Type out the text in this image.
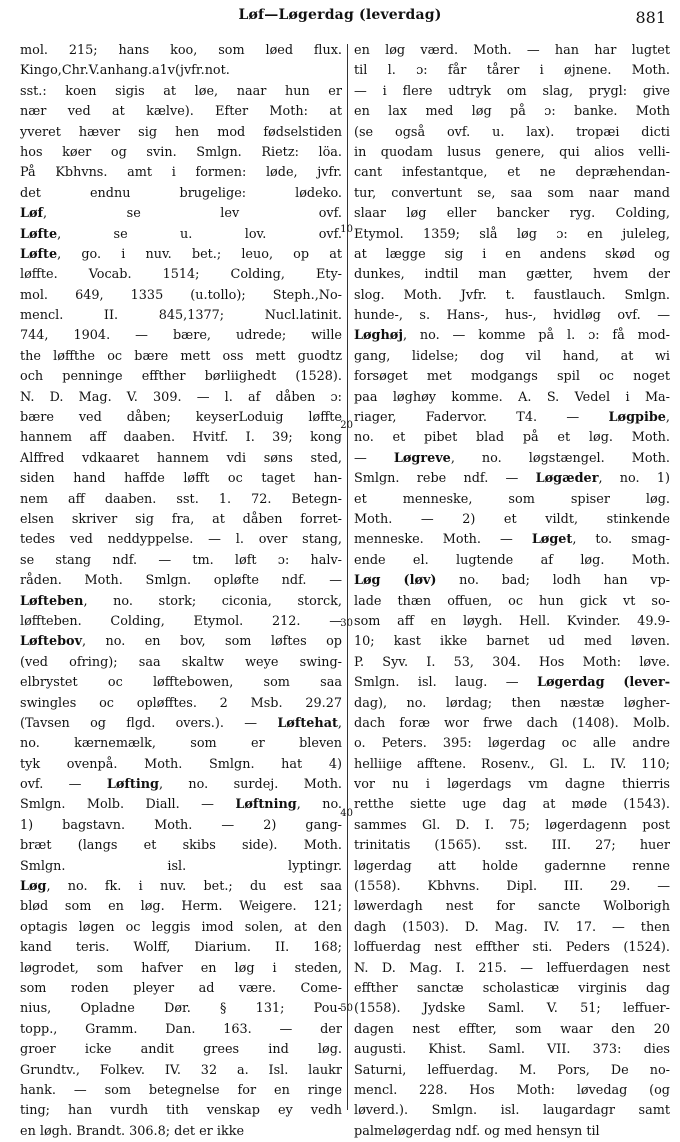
Løf—Løgerdag (leverdag)	881
mol. 215; hans koo, som løed flux.
Kingo,Chr.V.anhang.a1v(jvfr.not.
sst.: koen sigis at løe, naar hun er
nær ved at kælve). Efter Moth: at
yveret hæver sig hen mod fødselstiden
hos køer og svin. Smlgn. Rietz: löa.
På Kbhvns. amt i formen: løde, jvfr.
det endnu brugelige: lødeko.
Løf, se lev ovf.
Løfte, se u. lov. ovf.
Løfte, go. i nuv. bet.; leuo, op at
løffte. Vocab. 1514; Colding, Ety-
mol. 649, 1335 (u.tollo); Steph.,No-
mencl. II. 845,1377; Nucl.latinit.
744, 1904. — bære, udrede; wille
the løffthe oc bære mett oss mett guodtz
och penninge effther børliighedt (1528).
N. D. Mag. V. 309. — l. af dåben ɔ:
bære ved dåben; keyserLoduig løffte
hannem aff daaben. Hvitf. I. 39; kong
Alffred vdkaaret hannem vdi søns sted,
siden hand haffde løfft oc taget han-
nem aff daaben. sst. 1. 72. Betegn-
elsen skriver sig fra, at dåben forret-
tedes ved neddyppelse. — l. over stang,
se stang ndf. — tm. løft ɔ: halv-
råden. Moth. Smlgn. opløfte ndf. —
Løfteben, no. stork; ciconia, storck,
løffteben. Colding, Etymol. 212. —
Løftebov, no. en bov, som løftes op
(ved ofring); saa skaltw weye swing-
elbrystet oc løfftebowen, som saa
swingles oc opløfftes. 2 Msb. 29.27
(Tavsen og flgd. overs.). — Løftehat,
no. kærnemælk, som er bleven
tyk ovenpå. Moth. Smlgn. hat 4)
ovf. — Løfting, no. surdej. Moth.
Smlgn. Molb. Diall. — Løftning, no.
1) bagstavn. Moth. — 2) gang-
bræt (langs et skibs side). Moth.
Smlgn. isl. lyptingr.
Løg, no. fk. i nuv. bet.; du est saa
blød som en løg. Herm. Weigere. 121;
optagis løgen oc leggis imod solen, at den
kand teris. Wolff, Diarium. II. 168;
løgrodet, som hafver en løg i steden,
som roden pleyer ad være. Come-
nius, Opladne Dør. § 131; Pou-
topp., Gramm. Dan. 163. — der
groer icke andit grees ind løg.
Grundtv., Folkev. IV. 32 a. Isl. laukr
hank. — som betegnelse for en ringe
ting; han vurdh tith venskap ey vedh
en løgh. Brandt. 306.8; det er ikke
en løg værd. Moth. — han har lugtet
til l. ɔ: får tårer i øjnene. Moth.
— i flere udtryk om slag, prygl: give
en lax med løg på ɔ: banke. Moth
(se også ovf. u. lax). tropæi dicti
in quodam lusus genere, qui alios velli-
cant infestantque, et ne depræhendan-
tur, convertunt se, saa som naar mand
slaar løg eller bancker ryg. Colding,
Etymol. 1359; slå løg ɔ: en juleleg,
at lægge sig i en andens skød og
dunkes, indtil man gætter, hvem der
slog. Moth. Jvfr. t. faustlauch. Smlgn.
hunde-, s. Hans-, hus-, hvidløg ovf. —
Løghøj, no. — komme på l. ɔ: få mod-
gang, lidelse; dog vil hand, at wi
forsøget met modgangs spil oc noget
paa løghøy komme. A. S. Vedel i Ma-
riager, Fadervor. T4. — Løgpibe,
no. et pibet blad på et løg. Moth.
— Løgreve, no. løgstængel. Moth.
Smlgn. rebe ndf. — Løgæder, no. 1)
et menneske, som spiser løg.
Moth. — 2) et vildt, stinkende
menneske. Moth. — Løget, to. smag-
ende el. lugtende af løg. Moth.
Løg (løv) no. bad; lodh han vp-
lade thæn offuen, oc hun gick vt so-
som aff en løygh. Hell. Kvinder. 49.9-
10; kast ikke barnet ud med løven.
P. Syv. I. 53, 304. Hos Moth: løve.
Smlgn. isl. laug. — Løgerdag (lever-
dag), no. lørdag; then næstæ løgher-
dach foræ wor frwe dach (1408). Molb.
o. Peters. 395: løgerdag oc alle andre
helliige afftene. Rosenv., Gl. L. IV. 110;
vor nu i løgerdags vm dagne thierris
retthe siette uge dag at møde (1543).
sammes Gl. D. I. 75; løgerdagenn post
trinitatis (1565). sst. III. 27; huer
løgerdag att holde gadernne renne
(1558). Kbhvns. Dipl. III. 29. —
løwerdagh nest for sancte Wolborigh
dagh (1503). D. Mag. IV. 17. — then
loffuerdag nest effther sti. Peders (1524).
N. D. Mag. I. 215. — leffuerdagen nest
effther sanctæ scholasticæ virginis dag
(1558). Jydske Saml. V. 51; leffuer-
dagen nest effter, som waar den 20
augusti. Khist. Saml. VII. 373: dies
Saturni, leffuerdag. M. Pors, De no-
mencl. 228. Hos Moth: løvedag (og
løverd.). Smlgn. isl. laugardagr samt
palmeløgerdag ndf. og med hensyn til
10
20
30
40
50
